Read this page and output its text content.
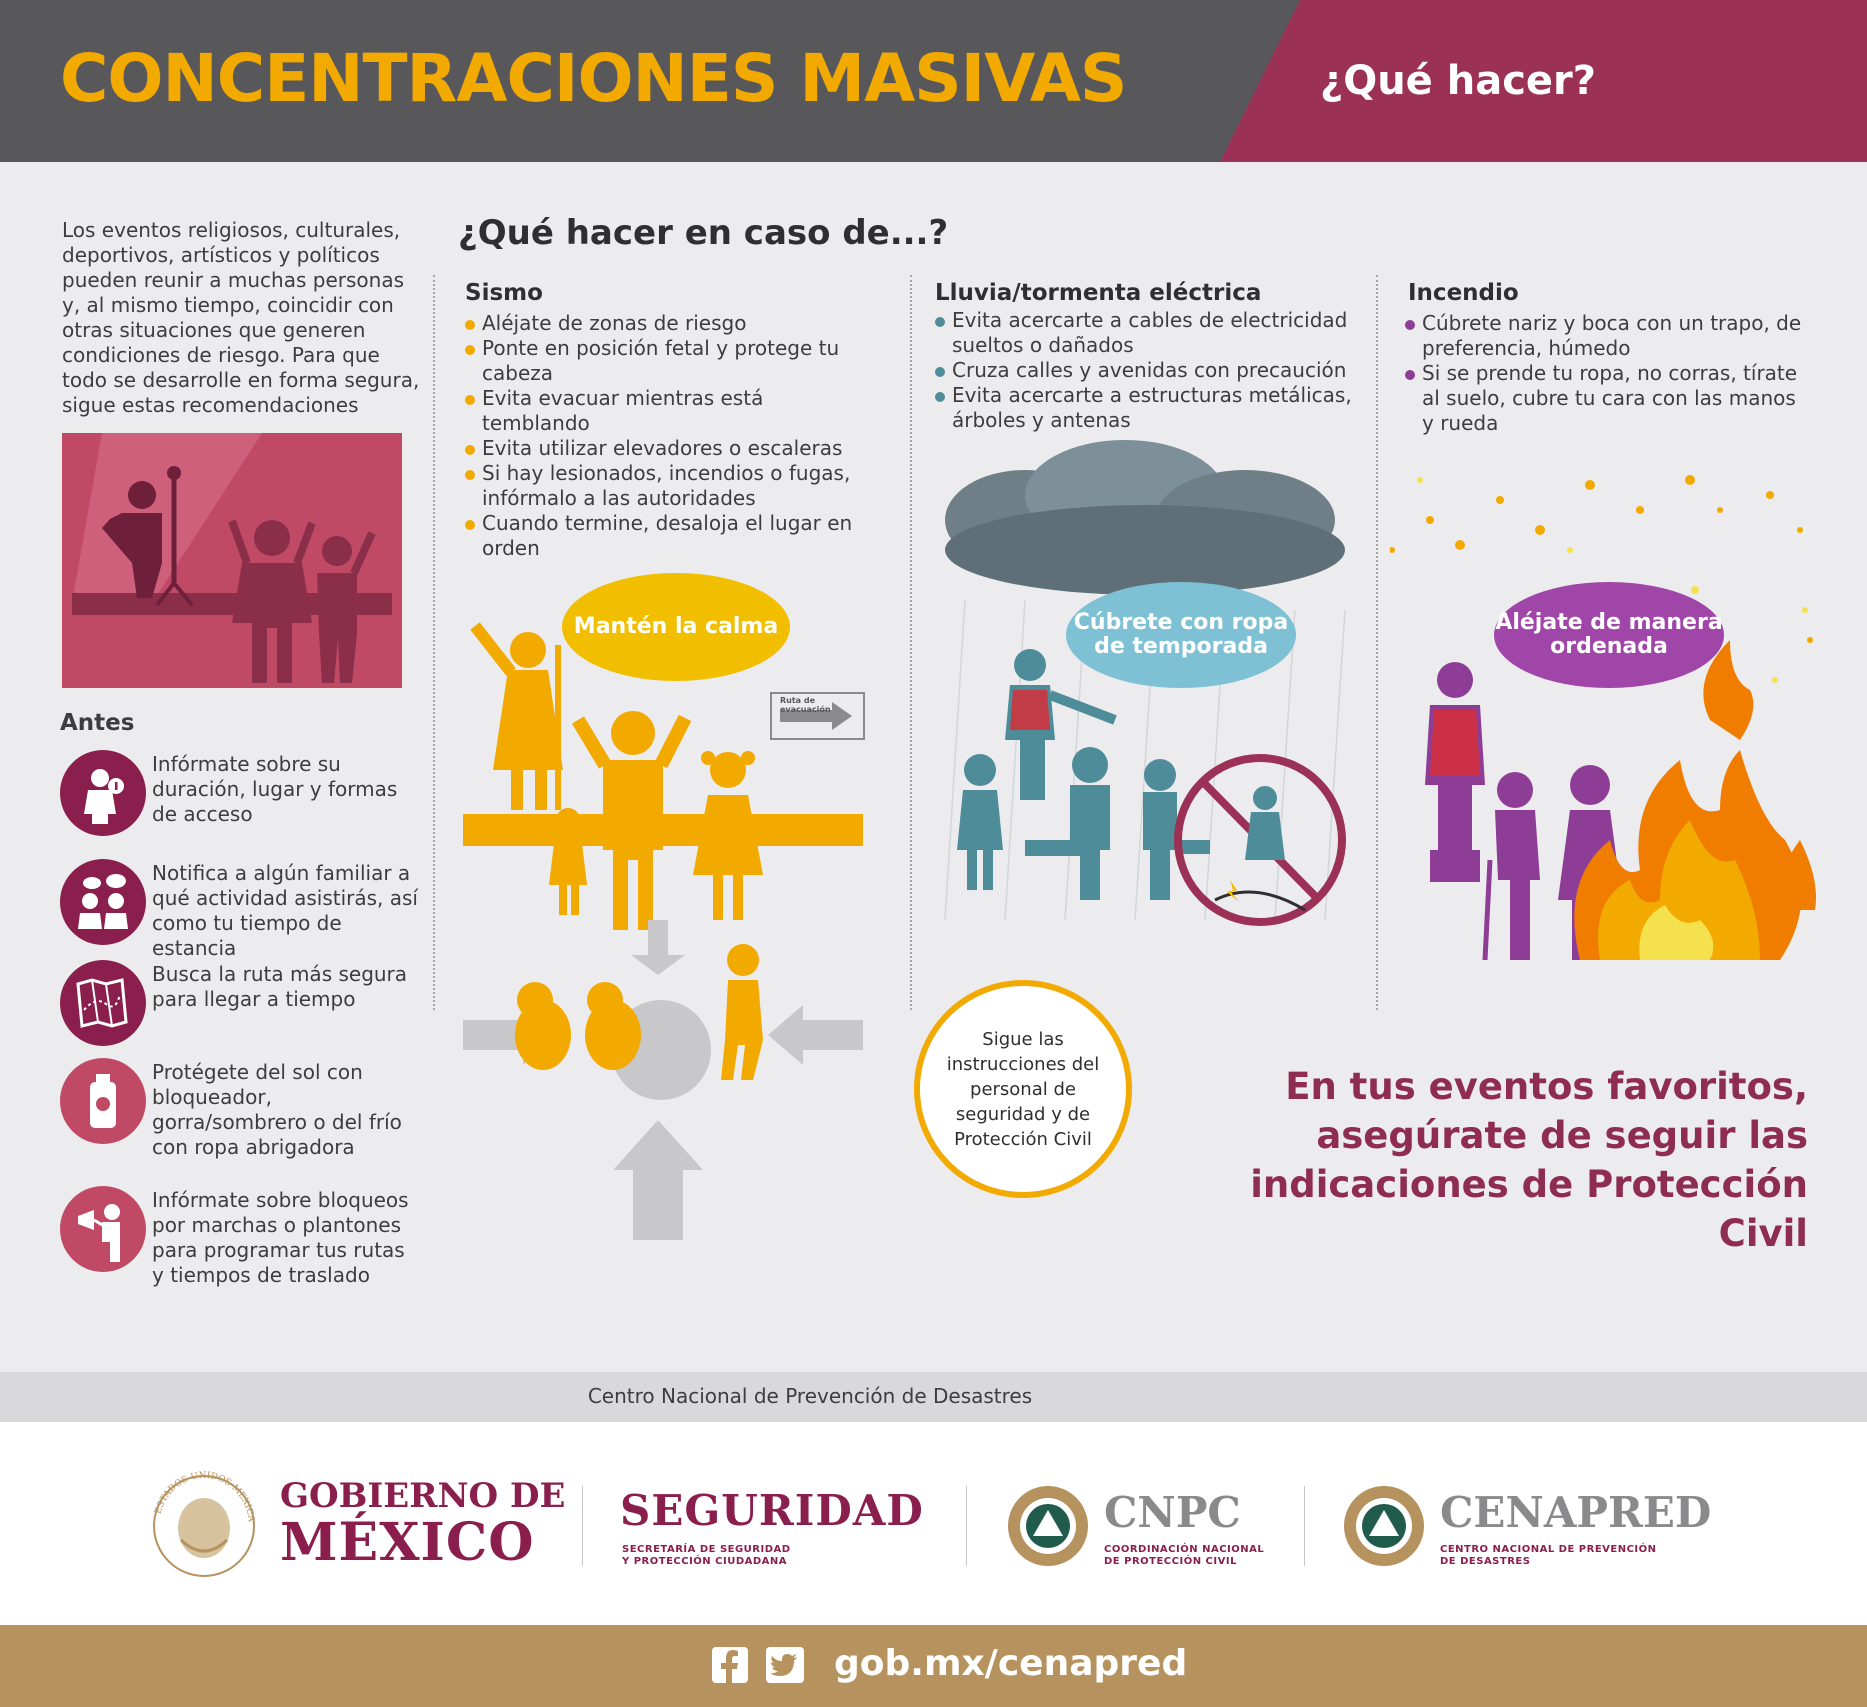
CONCENTRACIONES MASIVAS	¿Qué hacer?
Los eventos religiosos, culturales, deportivos, artísticos y políticos pueden reunir a muchas personas y, al mismo tiempo, coincidir con otras situaciones que generen condiciones de riesgo. Para que todo se desarrolle en forma segura, sigue estas recomendaciones
Antes
Infórmate sobre su duración, lugar y formas de acceso
Notifica a algún familiar a qué actividad asistirás, así como tu tiempo de estancia
Busca la ruta más segura para llegar a tiempo
Protégete del sol con bloqueador, gorra/sombrero o del frío con ropa abrigadora
Infórmate sobre bloqueos por marchas o plantones para programar tus rutas y tiempos de traslado
¿Qué hacer en caso de...?
Sismo
Aléjate de zonas de riesgo
Ponte en posición fetal y protege tu cabeza
Evita evacuar mientras está temblando
Evita utilizar elevadores o escaleras
Si hay lesionados, incendios o fugas, infórmalo a las autoridades
Cuando termine, desaloja el lugar en orden
Mantén la calma
Ruta de evacuación
Lluvia/tormenta eléctrica
Evita acercarte a cables de electricidad sueltos o dañados
Cruza calles y avenidas con precaución
Evita acercarte a estructuras metálicas, árboles y antenas
Cúbrete con ropa de temporada
Sigue las instrucciones del personal de seguridad y de Protección Civil
Incendio
Cúbrete nariz y boca con un trapo, de preferencia, húmedo
Si se prende tu ropa, no corras, tírate al suelo, cubre tu cara con las manos y rueda
Aléjate de manera ordenada
En tus eventos favoritos, asegúrate de seguir las indicaciones de Protección Civil
Centro Nacional de Prevención de Desastres
ESTADOS UNIDOS MEXICA
GOBIERNO DE
MÉXICO
SEGURIDAD
SECRETARÍA DE SEGURIDAD
Y PROTECCIÓN CIUDADANA
CNPC
COORDINACIÓN NACIONAL
DE PROTECCIÓN CIVIL
CENAPRED
CENTRO NACIONAL DE PREVENCIÓN
DE DESASTRES
gob.mx/cenapred
